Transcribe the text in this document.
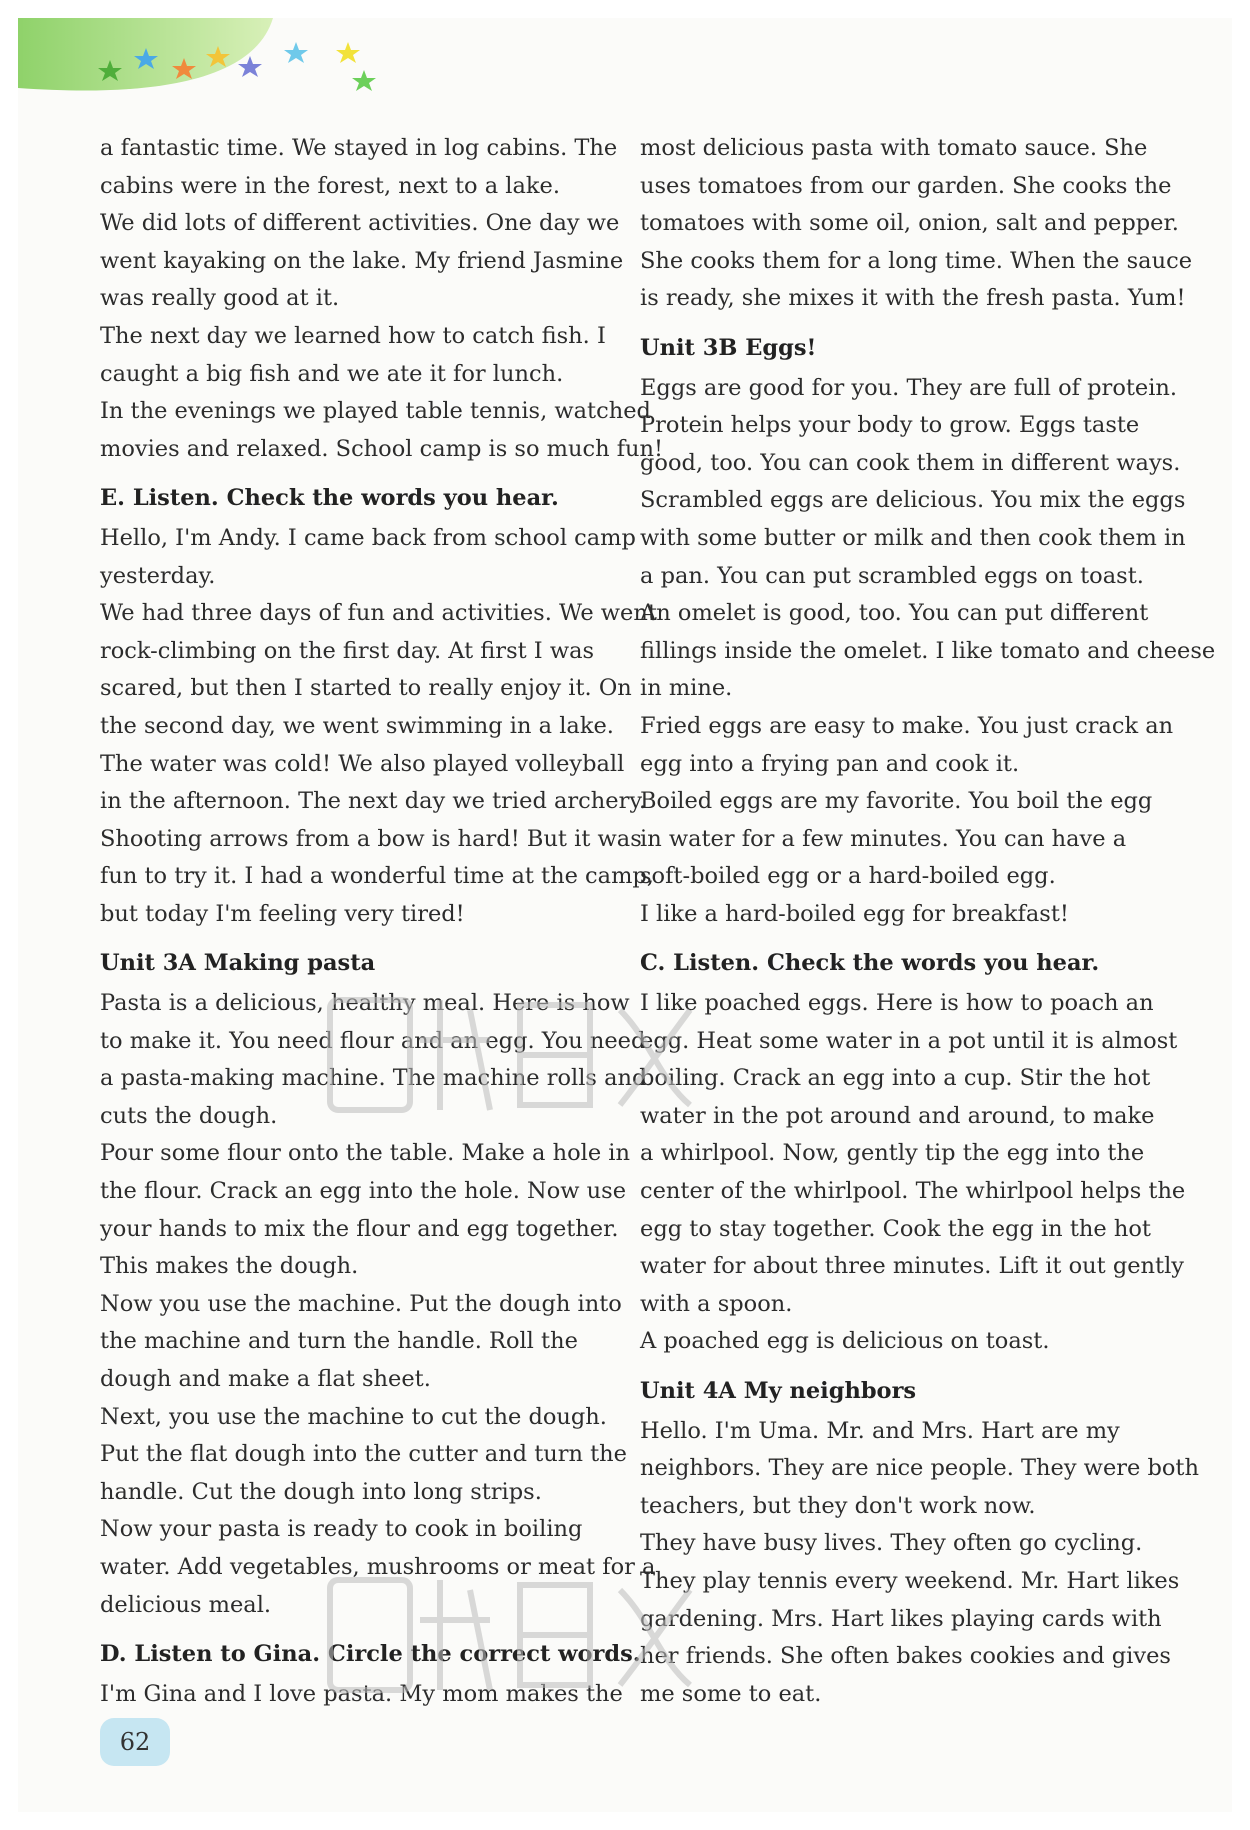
a fantastic time. We stayed in log cabins. The
cabins were in the forest, next to a lake.
We did lots of different activities. One day we
went kayaking on the lake. My friend Jasmine
was really good at it.
The next day we learned how to catch fish. I
caught a big fish and we ate it for lunch.
In the evenings we played table tennis, watched
movies and relaxed. School camp is so much fun!
E. Listen. Check the words you hear.
Hello, I'm Andy. I came back from school camp
yesterday.
We had three days of fun and activities. We went
rock-climbing on the first day. At first I was
scared, but then I started to really enjoy it. On
the second day, we went swimming in a lake.
The water was cold! We also played volleyball
in the afternoon. The next day we tried archery.
Shooting arrows from a bow is hard! But it was
fun to try it. I had a wonderful time at the camp,
but today I'm feeling very tired!
Unit 3A Making pasta
Pasta is a delicious, healthy meal. Here is how
to make it. You need flour and an egg. You need
a pasta-making machine. The machine rolls and
cuts the dough.
Pour some flour onto the table. Make a hole in
the flour. Crack an egg into the hole. Now use
your hands to mix the flour and egg together.
This makes the dough.
Now you use the machine. Put the dough into
the machine and turn the handle. Roll the
dough and make a flat sheet.
Next, you use the machine to cut the dough.
Put the flat dough into the cutter and turn the
handle. Cut the dough into long strips.
Now your pasta is ready to cook in boiling
water. Add vegetables, mushrooms or meat for a
delicious meal.
D. Listen to Gina. Circle the correct words.
I'm Gina and I love pasta. My mom makes the
most delicious pasta with tomato sauce. She
uses tomatoes from our garden. She cooks the
tomatoes with some oil, onion, salt and pepper.
She cooks them for a long time. When the sauce
is ready, she mixes it with the fresh pasta. Yum!
Unit 3B Eggs!
Eggs are good for you. They are full of protein.
Protein helps your body to grow. Eggs taste
good, too. You can cook them in different ways.
Scrambled eggs are delicious. You mix the eggs
with some butter or milk and then cook them in
a pan. You can put scrambled eggs on toast.
An omelet is good, too. You can put different
fillings inside the omelet. I like tomato and cheese
in mine.
Fried eggs are easy to make. You just crack an
egg into a frying pan and cook it.
Boiled eggs are my favorite. You boil the egg
in water for a few minutes. You can have a
soft-boiled egg or a hard-boiled egg.
I like a hard-boiled egg for breakfast!
C. Listen. Check the words you hear.
I like poached eggs. Here is how to poach an
egg. Heat some water in a pot until it is almost
boiling. Crack an egg into a cup. Stir the hot
water in the pot around and around, to make
a whirlpool. Now, gently tip the egg into the
center of the whirlpool. The whirlpool helps the
egg to stay together. Cook the egg in the hot
water for about three minutes. Lift it out gently
with a spoon.
A poached egg is delicious on toast.
Unit 4A My neighbors
Hello. I'm Uma. Mr. and Mrs. Hart are my
neighbors. They are nice people. They were both
teachers, but they don't work now.
They have busy lives. They often go cycling.
They play tennis every weekend. Mr. Hart likes
gardening. Mrs. Hart likes playing cards with
her friends. She often bakes cookies and gives
me some to eat.
62
